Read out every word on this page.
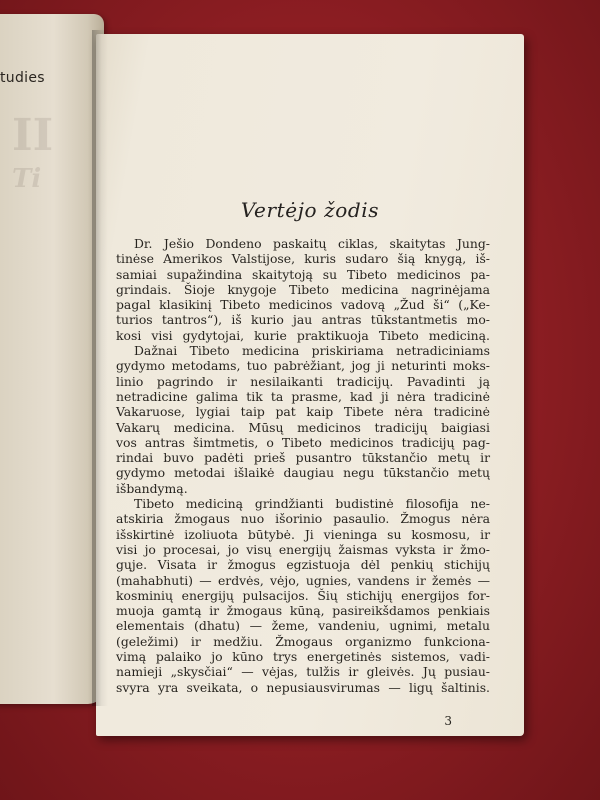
tudies

II
Ti
Vertėjo žodis
Dr. Ješio Dondeno paskaitų ciklas, skaitytas Jung-
tinėse Amerikos Valstijose, kuris sudaro šią knygą, iš-
samiai supažindina skaitytoją su Tibeto medicinos pa-
grindais. Šioje knygoje Tibeto medicina nagrinėjama
pagal klasikinį Tibeto medicinos vadovą „Žud ši“ („Ke-
turios tantros“), iš kurio jau antras tūkstantmetis mo-
kosi visi gydytojai, kurie praktikuoja Tibeto mediciną.
Dažnai Tibeto medicina priskiriama netradiciniams
gydymo metodams, tuo pabrėžiant, jog ji neturinti moks-
linio pagrindo ir nesilaikanti tradicijų. Pavadinti ją
netradicine galima tik ta prasme, kad ji nėra tradicinė
Vakaruose, lygiai taip pat kaip Tibete nėra tradicinė
Vakarų medicina. Mūsų medicinos tradicijų baigiasi
vos antras šimtmetis, o Tibeto medicinos tradicijų pag-
rindai buvo padėti prieš pusantro tūkstančio metų ir
gydymo metodai išlaikė daugiau negu tūkstančio metų
išbandymą.
Tibeto mediciną grindžianti budistinė filosofija ne-
atskiria žmogaus nuo išorinio pasaulio. Žmogus nėra
išskirtinė izoliuota būtybė. Ji vieninga su kosmosu, ir
visi jo procesai, jo visų energijų žaismas vyksta ir žmo-
gųje. Visata ir žmogus egzistuoja dėl penkių stichijų
(mahabhuti) — erdvės, vėjo, ugnies, vandens ir žemės —
kosminių energijų pulsacijos. Šių stichijų energijos for-
muoja gamtą ir žmogaus kūną, pasireikšdamos penkiais
elementais (dhatu) — žeme, vandeniu, ugnimi, metalu
(geležimi) ir medžiu. Žmogaus organizmo funkciona-
vimą palaiko jo kūno trys energetinės sistemos, vadi-
namieji „skysčiai“ — vėjas, tulžis ir gleivės. Jų pusiau-
svyra yra sveikata, o nepusiausvirumas — ligų šaltinis.

3
